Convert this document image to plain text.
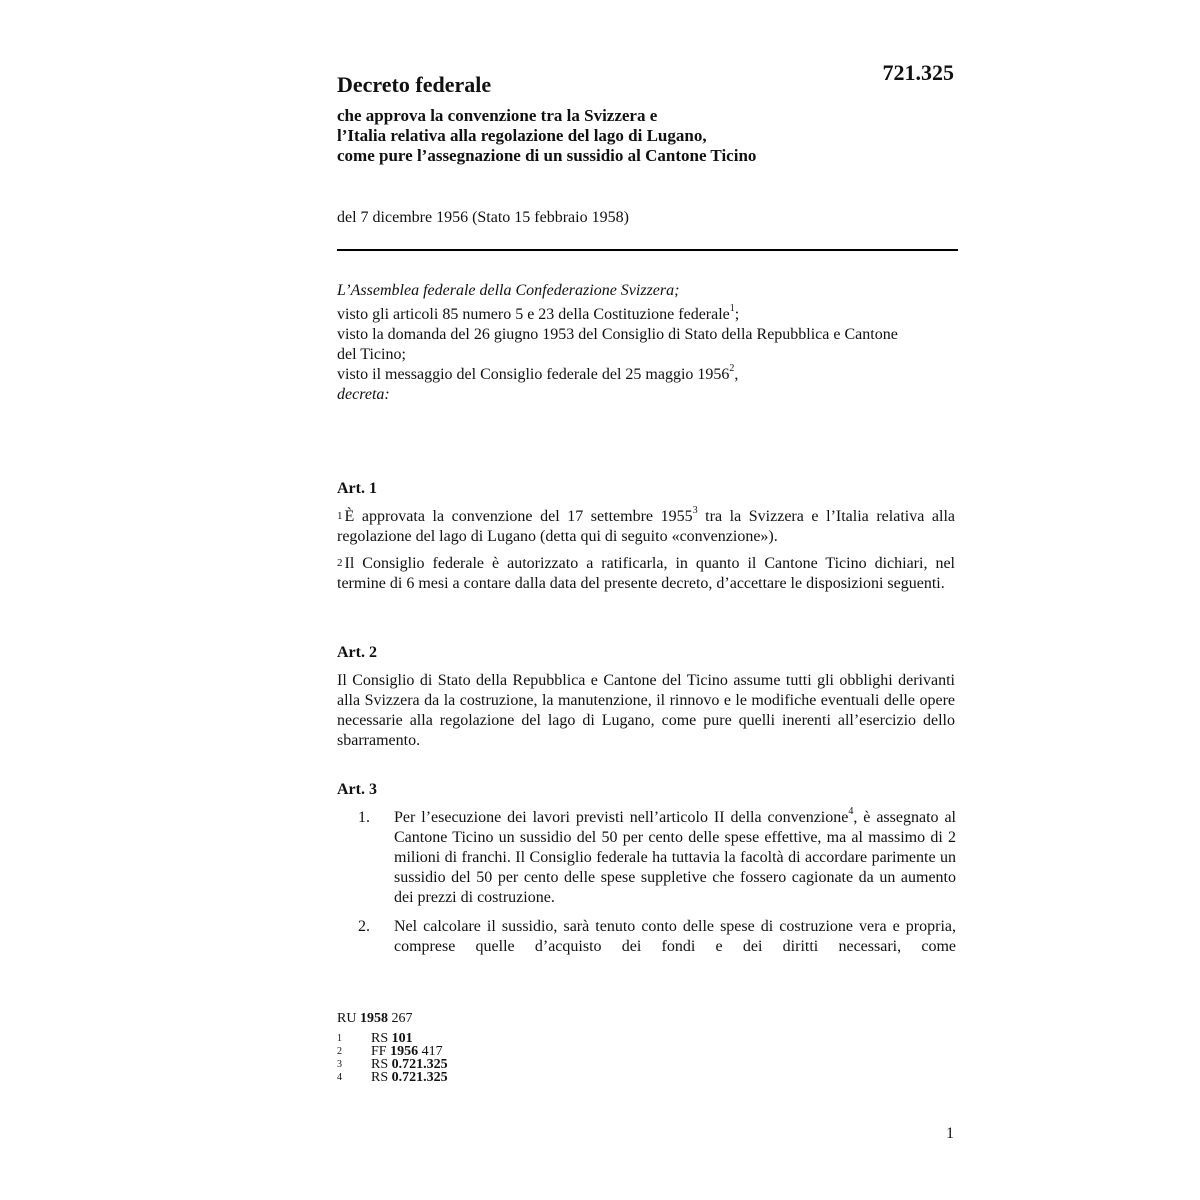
721.325
Decreto federale
che approva la convenzione tra la Svizzera e
l’Italia relativa alla regolazione del lago di Lugano,
come pure l’assegnazione di un sussidio al Cantone Ticino
del 7 dicembre 1956 (Stato 15 febbraio 1958)
L’Assemblea federale della Confederazione Svizzera;
visto gli articoli 85 numero 5 e 23 della Costituzione federale$^1$;
visto la domanda del 26 giugno 1953 del Consiglio di Stato della Repubblica e Cantone del Ticino;
visto il messaggio del Consiglio federale del 25 maggio 1956$^2$,
decreta:
Art. 1
$^1$ È approvata la convenzione del 17 settembre 1955$^3$ tra la Svizzera e l’Italia relativa alla regolazione del lago di Lugano (detta qui di seguito «convenzione»).
$^2$ Il Consiglio federale è autorizzato a ratificarla, in quanto il Cantone Ticino dichiari, nel termine di 6 mesi a contare dalla data del presente decreto, d’accettare le disposizioni seguenti.
Art. 2
Il Consiglio di Stato della Repubblica e Cantone del Ticino assume tutti gli obblighi derivanti alla Svizzera da la costruzione, la manutenzione, il rinnovo e le modifiche eventuali delle opere necessarie alla regolazione del lago di Lugano, come pure quelli inerenti all’esercizio dello sbarramento.
Art. 3
1. Per l’esecuzione dei lavori previsti nell’articolo II della convenzione$^4$, è assegnato al Cantone Ticino un sussidio del 50 per cento delle spese effettive, ma al massimo di 2 milioni di franchi. Il Consiglio federale ha tuttavia la facoltà di accordare parimente un sussidio del 50 per cento delle spese suppletive che fossero cagionate da un aumento dei prezzi di costruzione.
2. Nel calcolare il sussidio, sarà tenuto conto delle spese di costruzione vera e propria, comprese quelle d’acquisto dei fondi e dei diritti necessari, come
RU 1958 267
1 RS 101
2 FF 1956 417
3 RS 0.721.325
4 RS 0.721.325
1
